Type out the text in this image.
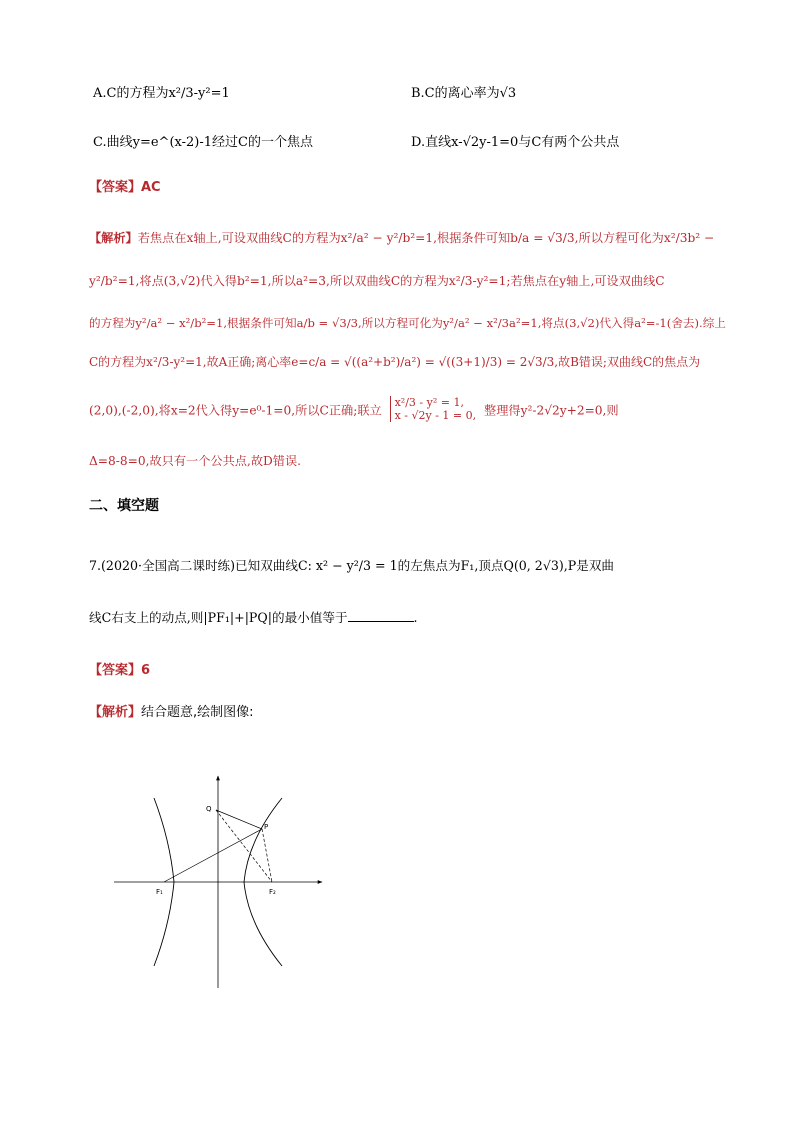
A.C的方程为x²/3-y²=1	B.C的离心率为√3
C.曲线y=e^(x-2)-1经过C的一个焦点	D.直线x-√2y-1=0与C有两个公共点
【答案】AC
【解析】若焦点在x轴上,可设双曲线C的方程为x²/a² − y²/b²=1,根据条件可知b/a = √3/3,所以方程可化为x²/3b² −
y²/b²=1,将点(3,√2)代入得b²=1,所以a²=3,所以双曲线C的方程为x²/3-y²=1;若焦点在y轴上,可设双曲线C
的方程为y²/a² − x²/b²=1,根据条件可知a/b = √3/3,所以方程可化为y²/a² − x²/3a²=1,将点(3,√2)代入得a²=-1(舍去).综上
C的方程为x²/3-y²=1,故A正确;离心率e=c/a = √((a²+b²)/a²) = √((3+1)/3) = 2√3/3,故B错误;双曲线C的焦点为
(2,0),(-2,0),将x=2代入得y=e⁰-1=0,所以C正确;联立
x²/3 - y² = 1,
x - √2y - 1 = 0, 整理得y²-2√2y+2=0,则
Δ=8-8=0,故只有一个公共点,故D错误.
二、填空题
7.(2020·全国高二课时练)已知双曲线C: x² − y²/3 = 1的左焦点为F₁,顶点Q(0, 2√3),P是双曲
线C右支上的动点,则|PF₁|+|PQ|的最小值等于	.
【答案】6
【解析】结合题意,绘制图像:
Q
P
F₁	F₂
